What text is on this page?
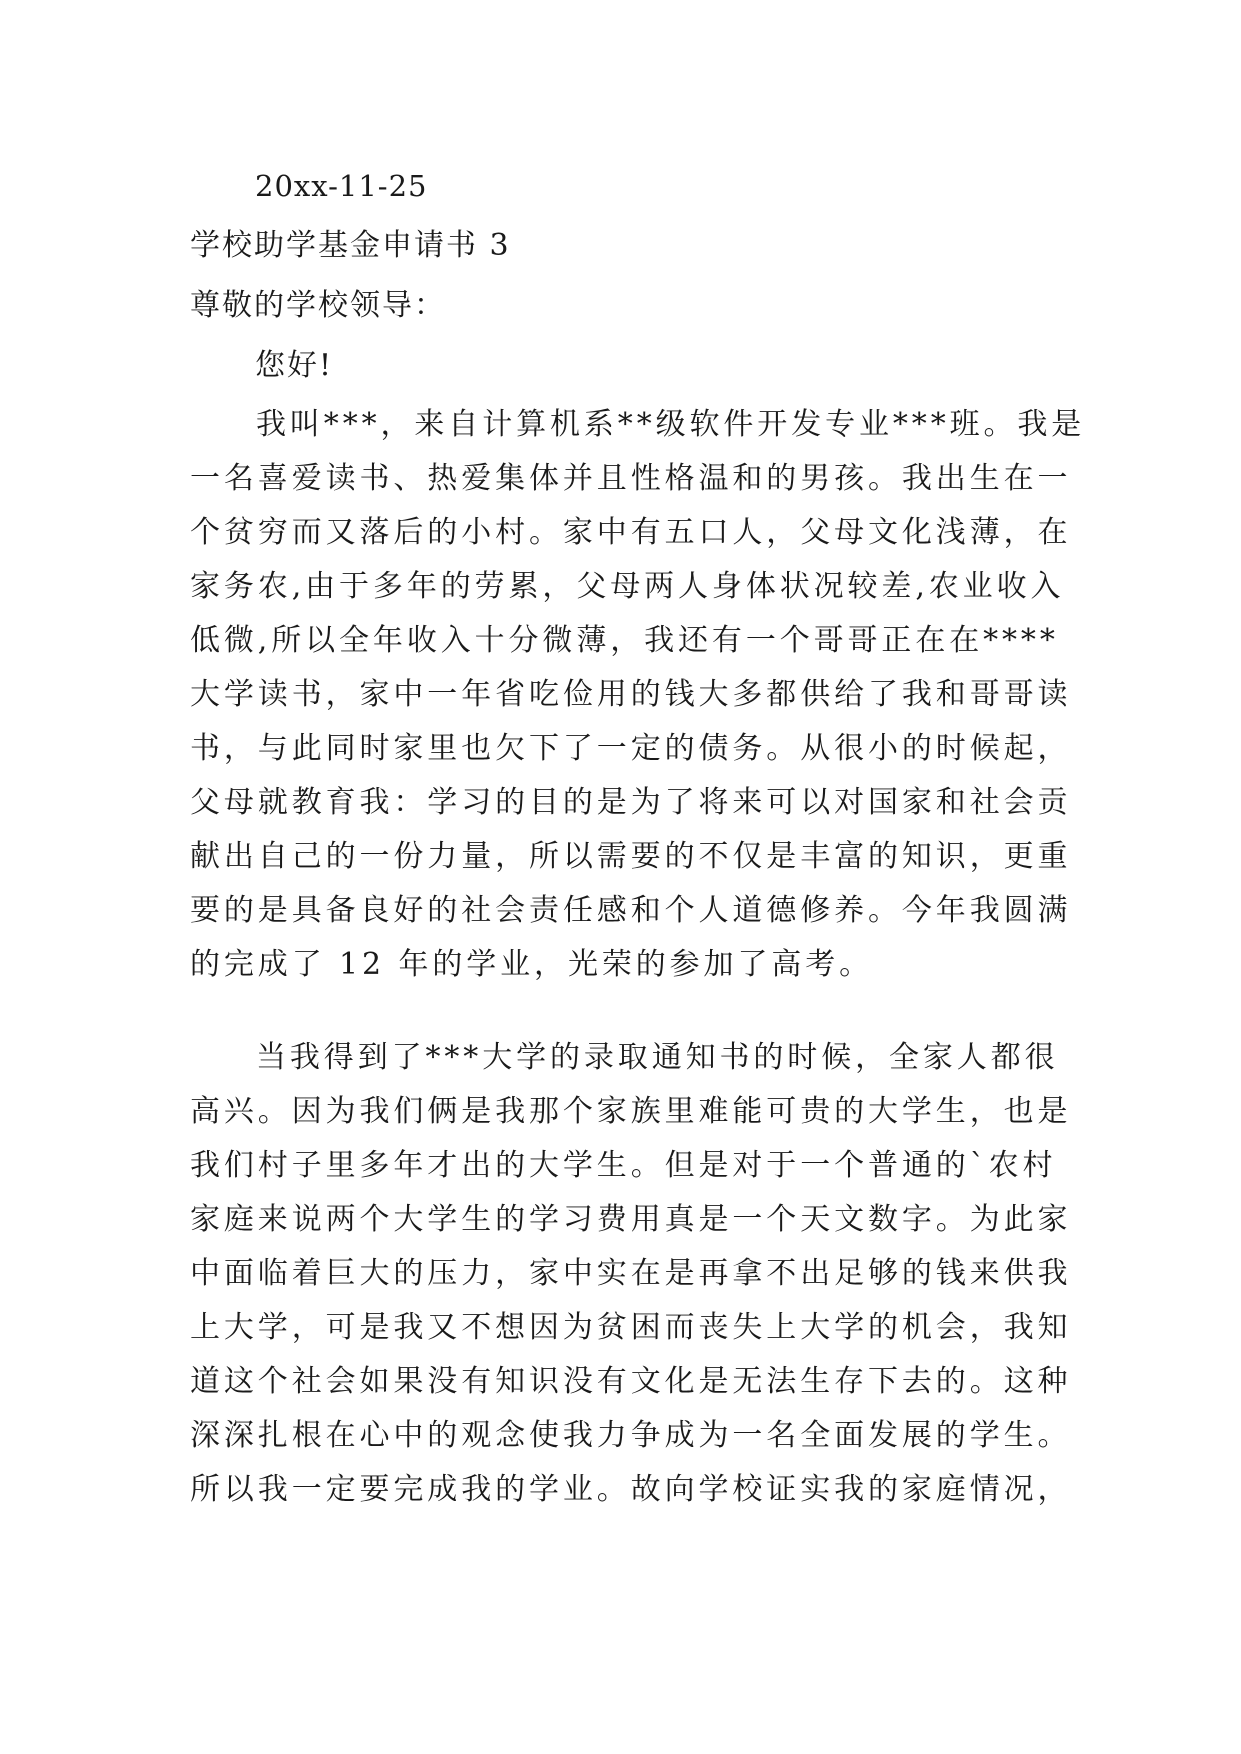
20xx-11-25
学校助学基金申请书 3
尊敬的学校领导：
您好!
我叫***，来自计算机系**级软件开发专业***班。我是
一名喜爱读书、热爱集体并且性格温和的男孩。我出生在一
个贫穷而又落后的小村。家中有五口人，父母文化浅薄，在
家务农,由于多年的劳累，父母两人身体状况较差,农业收入
低微,所以全年收入十分微薄，我还有一个哥哥正在在****
大学读书，家中一年省吃俭用的钱大多都供给了我和哥哥读
书，与此同时家里也欠下了一定的债务。从很小的时候起，
父母就教育我：学习的目的是为了将来可以对国家和社会贡
献出自己的一份力量，所以需要的不仅是丰富的知识，更重
要的是具备良好的社会责任感和个人道德修养。今年我圆满
的完成了 12 年的学业，光荣的参加了高考。
当我得到了***大学的录取通知书的时候，全家人都很
高兴。因为我们俩是我那个家族里难能可贵的大学生，也是
我们村子里多年才出的大学生。但是对于一个普通的`农村
家庭来说两个大学生的学习费用真是一个天文数字。为此家
中面临着巨大的压力，家中实在是再拿不出足够的钱来供我
上大学，可是我又不想因为贫困而丧失上大学的机会，我知
道这个社会如果没有知识没有文化是无法生存下去的。这种
深深扎根在心中的观念使我力争成为一名全面发展的学生。
所以我一定要完成我的学业。故向学校证实我的家庭情况，
